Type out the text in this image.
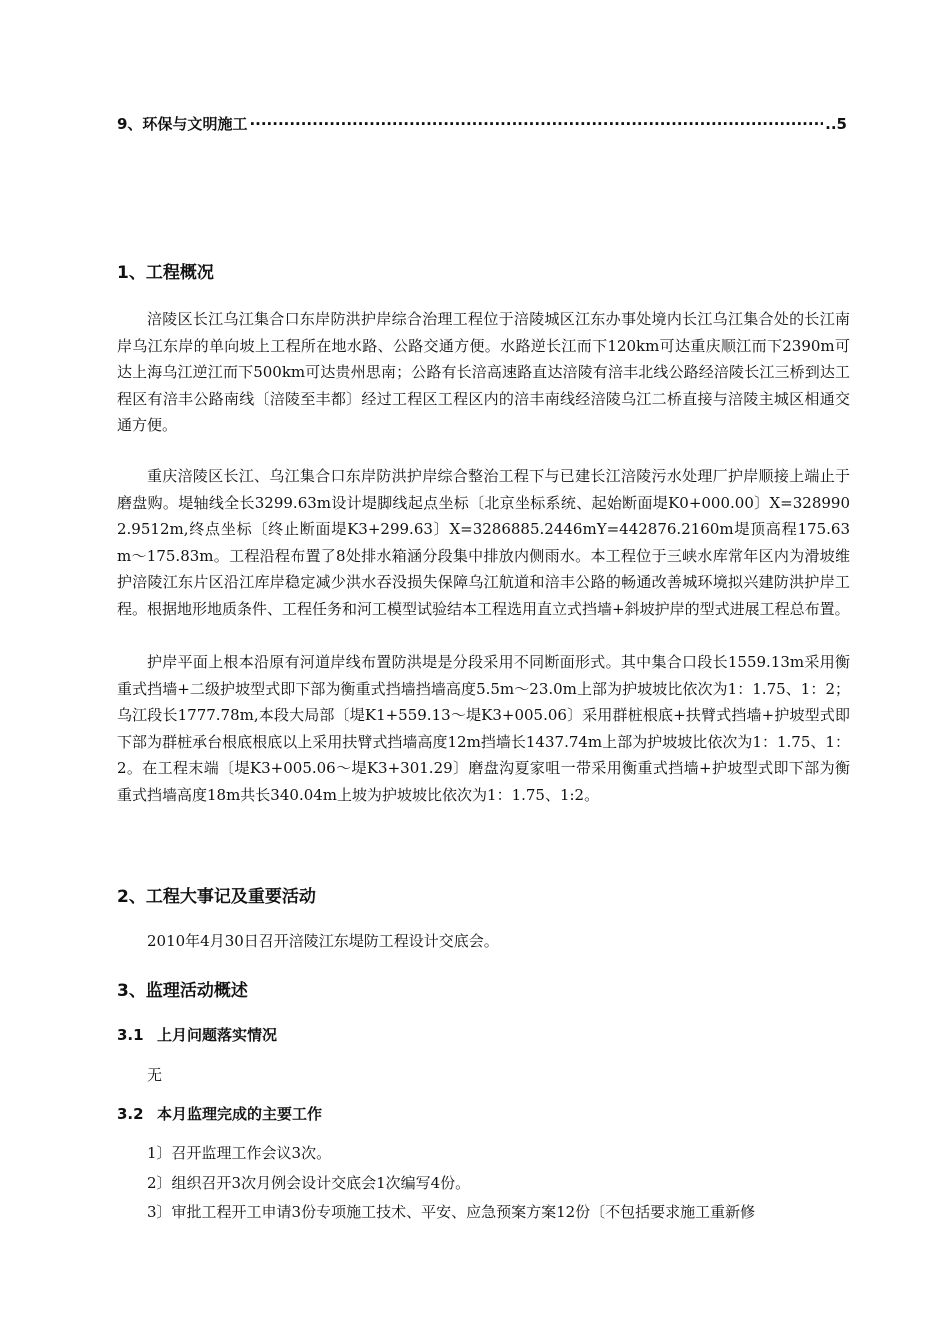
9、环保与文明施工
·····	..5
1、工程概况

涪陵区长江乌江集合口东岸防洪护岸综合治理工程位于涪陵城区江东办事处境内长江乌江集合处的长江南岸乌江东岸的单向坡上工程所在地水路、公路交通方便。水路逆长江而下120km可达重庆顺江而下2390m可达上海乌江逆江而下500km可达贵州思南；公路有长涪高速路直达涪陵有涪丰北线公路经涪陵长江三桥到达工程区有涪丰公路南线〔涪陵至丰都〕经过工程区工程区内的涪丰南线经涪陵乌江二桥直接与涪陵主城区相通交通方便。

重庆涪陵区长江、乌江集合口东岸防洪护岸综合整治工程下与已建长江涪陵污水处理厂护岸顺接上端止于磨盘购。堤轴线全长3299.63m设计堤脚线起点坐标〔北京坐标系统、起始断面堤K0+000.00〕X=3289902.9512m,终点坐标〔终止断面堤K3+299.63〕X=3286885.2446mY=442876.2160m堤顶高程175.63m～175.83m。工程沿程布置了8处排水箱涵分段集中排放内侧雨水。本工程位于三峡水库常年区内为滑坡维护涪陵江东片区沿江库岸稳定减少洪水吞没损失保障乌江航道和涪丰公路的畅通改善城环境拟兴建防洪护岸工程。根据地形地质条件、工程任务和河工模型试验结本工程选用直立式挡墙+斜坡护岸的型式进展工程总布置。

护岸平面上根本沿原有河道岸线布置防洪堤是分段采用不同断面形式。其中集合口段长1559.13m采用衡重式挡墙+二级护坡型式即下部为衡重式挡墙挡墙高度5.5m～23.0m上部为护坡坡比依次为1：1.75、1：2；乌江段长1777.78m,本段大局部〔堤K1+559.13～堤K3+005.06〕采用群桩根底+扶臂式挡墙+护坡型式即下部为群桩承台根底根底以上采用扶臂式挡墙高度12m挡墙长1437.74m上部为护坡坡比依次为1：1.75、1：2。在工程末端〔堤K3+005.06～堤K3+301.29〕磨盘沟夏家咀一带采用衡重式挡墙+护坡型式即下部为衡重式挡墙高度18m共长340.04m上坡为护坡坡比依次为1：1.75、1:2。

2、工程大事记及重要活动

2010年4月30日召开涪陵江东堤防工程设计交底会。

3、监理活动概述
3.1 上月问题落实情况

无

3.2 本月监理完成的主要工作

1〕召开监理工作会议3次。

2〕组织召开3次月例会设计交底会1次编写4份。

3〕审批工程开工申请3份专项施工技术、平安、应急预案方案12份〔不包括要求施工重新修
